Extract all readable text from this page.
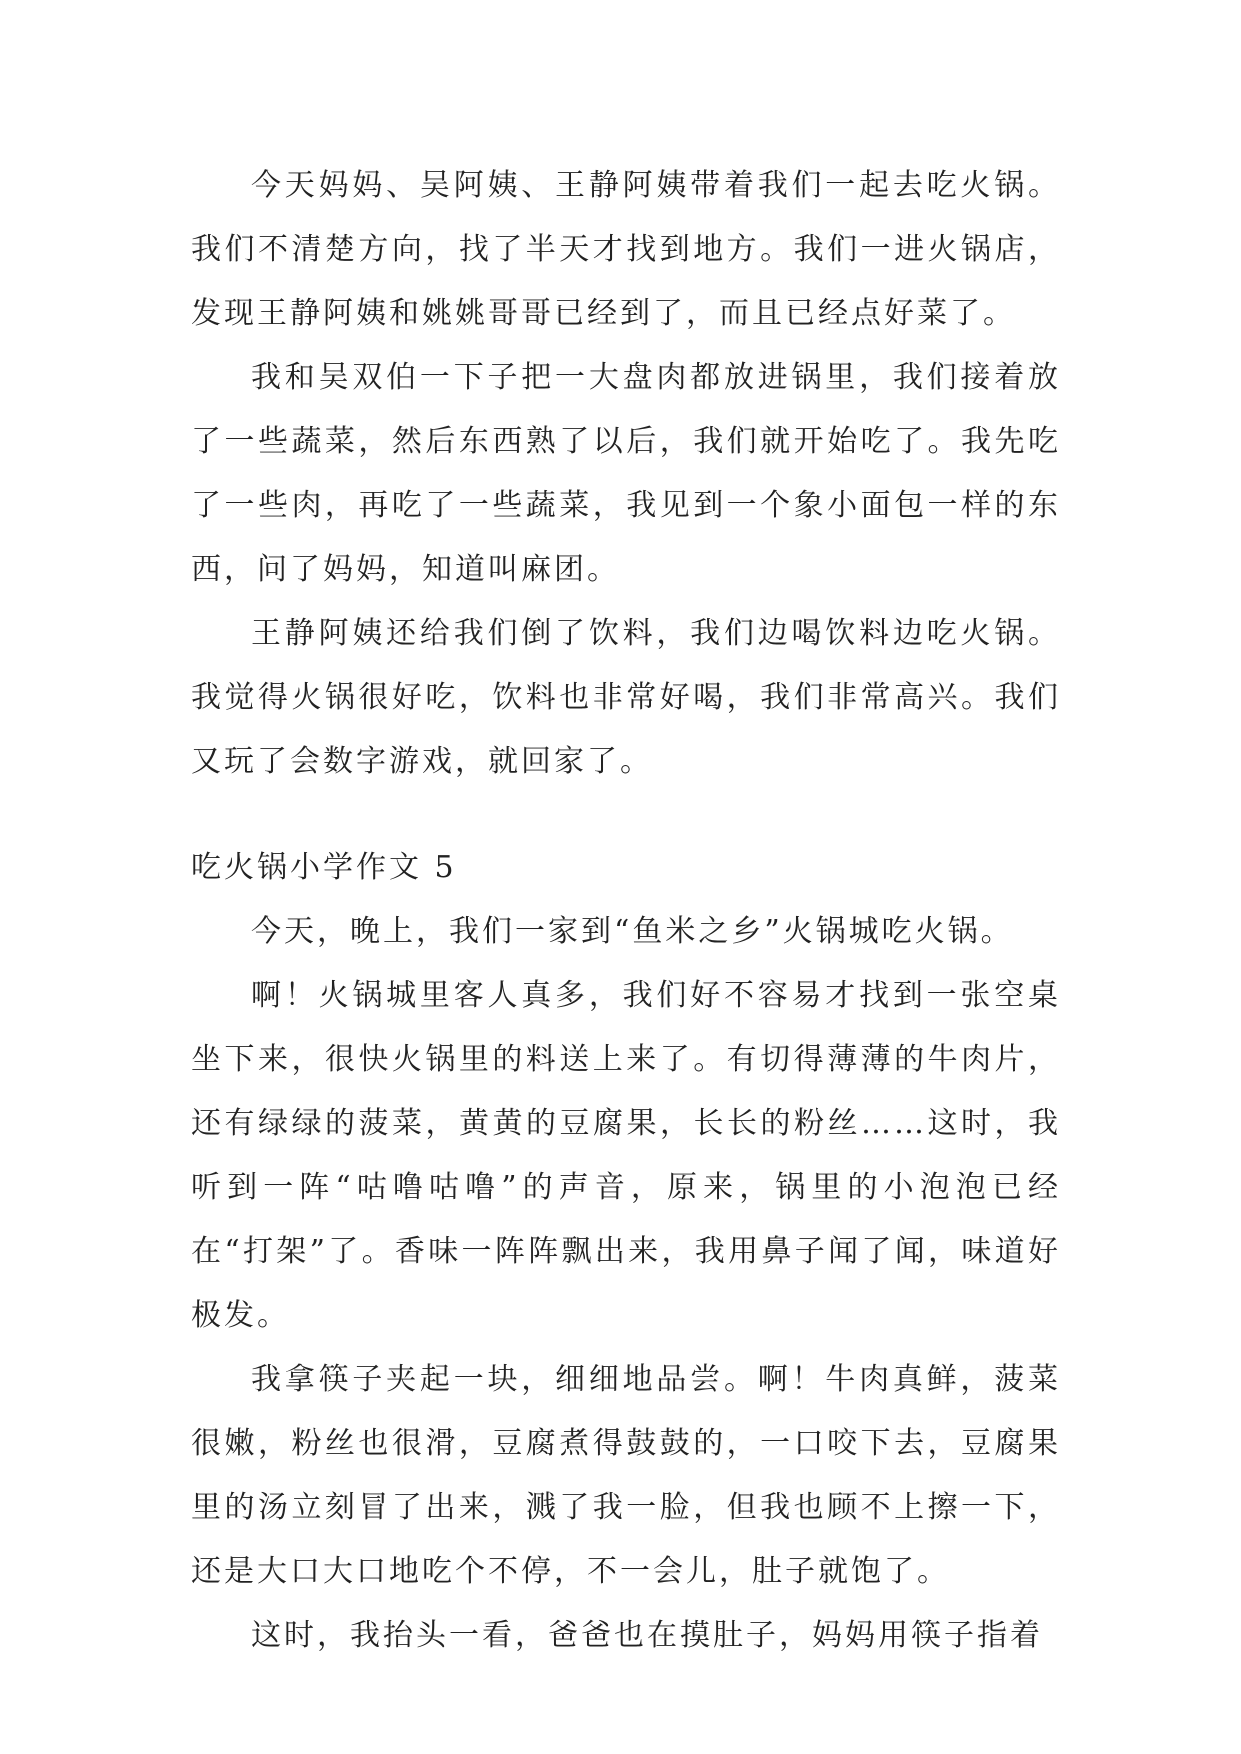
今天妈妈、吴阿姨、王静阿姨带着我们一起去吃火锅。我们不清楚方向，找了半天才找到地方。我们一进火锅店，发现王静阿姨和姚姚哥哥已经到了，而且已经点好菜了。

我和吴双伯一下子把一大盘肉都放进锅里，我们接着放了一些蔬菜，然后东西熟了以后，我们就开始吃了。我先吃了一些肉，再吃了一些蔬菜，我见到一个象小面包一样的东西，问了妈妈，知道叫麻团。

王静阿姨还给我们倒了饮料，我们边喝饮料边吃火锅。我觉得火锅很好吃，饮料也非常好喝，我们非常高兴。我们又玩了会数字游戏，就回家了。

吃火锅小学作文 5

今天，晚上，我们一家到“鱼米之乡”火锅城吃火锅。

啊！火锅城里客人真多，我们好不容易才找到一张空桌坐下来，很快火锅里的料送上来了。有切得薄薄的牛肉片，还有绿绿的菠菜，黄黄的豆腐果，长长的粉丝……这时，我听到一阵“咕噜咕噜”的声音，原来，锅里的小泡泡已经在“打架”了。香味一阵阵飘出来，我用鼻子闻了闻，味道好极发。

我拿筷子夹起一块，细细地品尝。啊！牛肉真鲜，菠菜很嫩，粉丝也很滑，豆腐煮得鼓鼓的，一口咬下去，豆腐果里的汤立刻冒了出来，溅了我一脸，但我也顾不上擦一下，还是大口大口地吃个不停，不一会儿，肚子就饱了。

这时，我抬头一看，爸爸也在摸肚子，妈妈用筷子指着
